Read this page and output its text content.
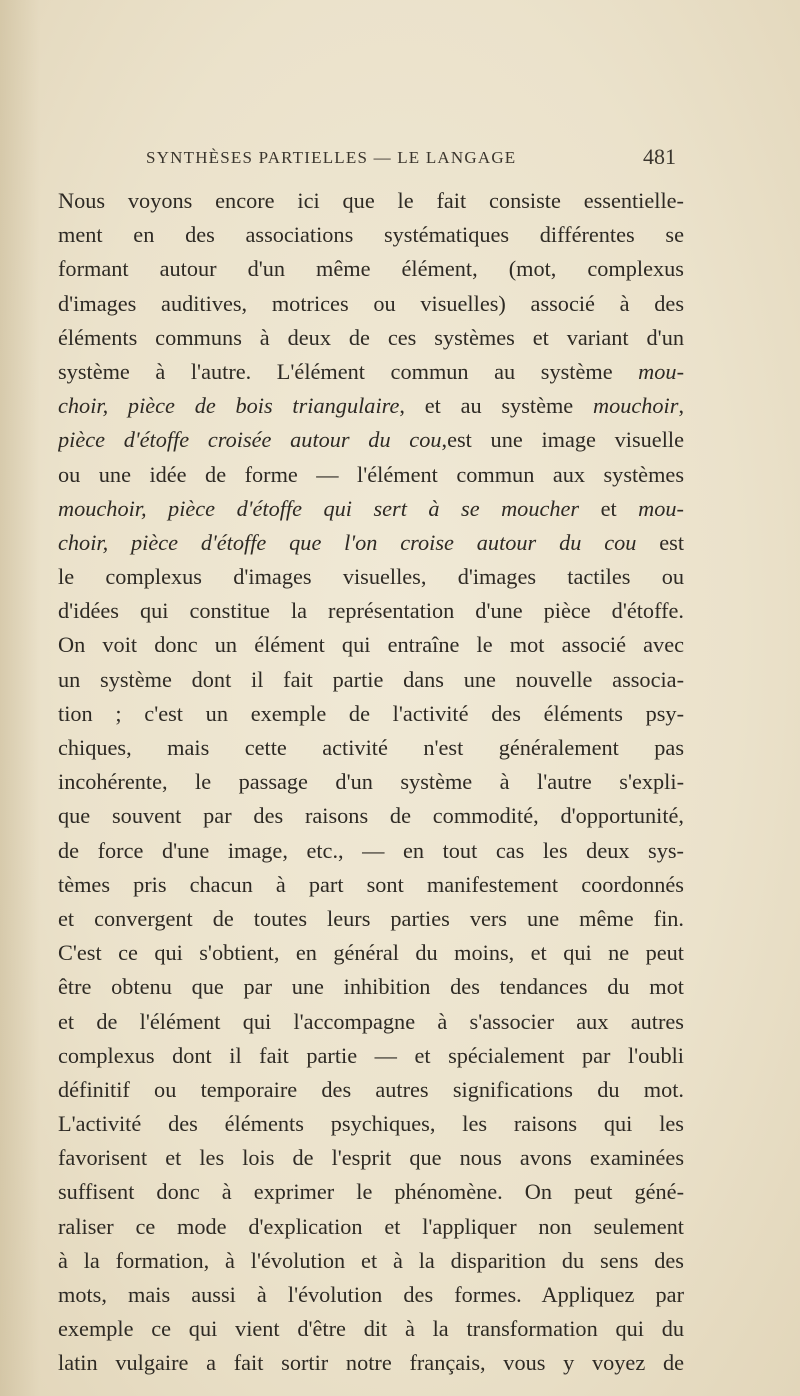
SYNTHÈSES PARTIELLES — LE LANGAGE	481
Nous voyons encore ici que le fait consiste essentielle-
ment en des associations systématiques différentes se
formant autour d'un même élément, (mot, complexus
d'images auditives, motrices ou visuelles) associé à des
éléments communs à deux de ces systèmes et variant d'un
système à l'autre. L'élément commun au système mou-
choir, pièce de bois triangulaire, et au système mouchoir,
pièce d'étoffe croisée autour du cou,est une image visuelle
ou une idée de forme — l'élément commun aux systèmes
mouchoir, pièce d'étoffe qui sert à se moucher et mou-
choir, pièce d'étoffe que l'on croise autour du cou est
le complexus d'images visuelles, d'images tactiles ou
d'idées qui constitue la représentation d'une pièce d'étoffe.
On voit donc un élément qui entraîne le mot associé avec
un système dont il fait partie dans une nouvelle associa-
tion ; c'est un exemple de l'activité des éléments psy-
chiques, mais cette activité n'est généralement pas
incohérente, le passage d'un système à l'autre s'expli-
que souvent par des raisons de commodité, d'opportunité,
de force d'une image, etc., — en tout cas les deux sys-
tèmes pris chacun à part sont manifestement coordonnés
et convergent de toutes leurs parties vers une même fin.
C'est ce qui s'obtient, en général du moins, et qui ne peut
être obtenu que par une inhibition des tendances du mot
et de l'élément qui l'accompagne à s'associer aux autres
complexus dont il fait partie — et spécialement par l'oubli
définitif ou temporaire des autres significations du mot.
L'activité des éléments psychiques, les raisons qui les
favorisent et les lois de l'esprit que nous avons examinées
suffisent donc à exprimer le phénomène. On peut géné-
raliser ce mode d'explication et l'appliquer non seulement
à la formation, à l'évolution et à la disparition du sens des
mots, mais aussi à l'évolution des formes. Appliquez par
exemple ce qui vient d'être dit à la transformation qui du
latin vulgaire a fait sortir notre français, vous y voyez de
